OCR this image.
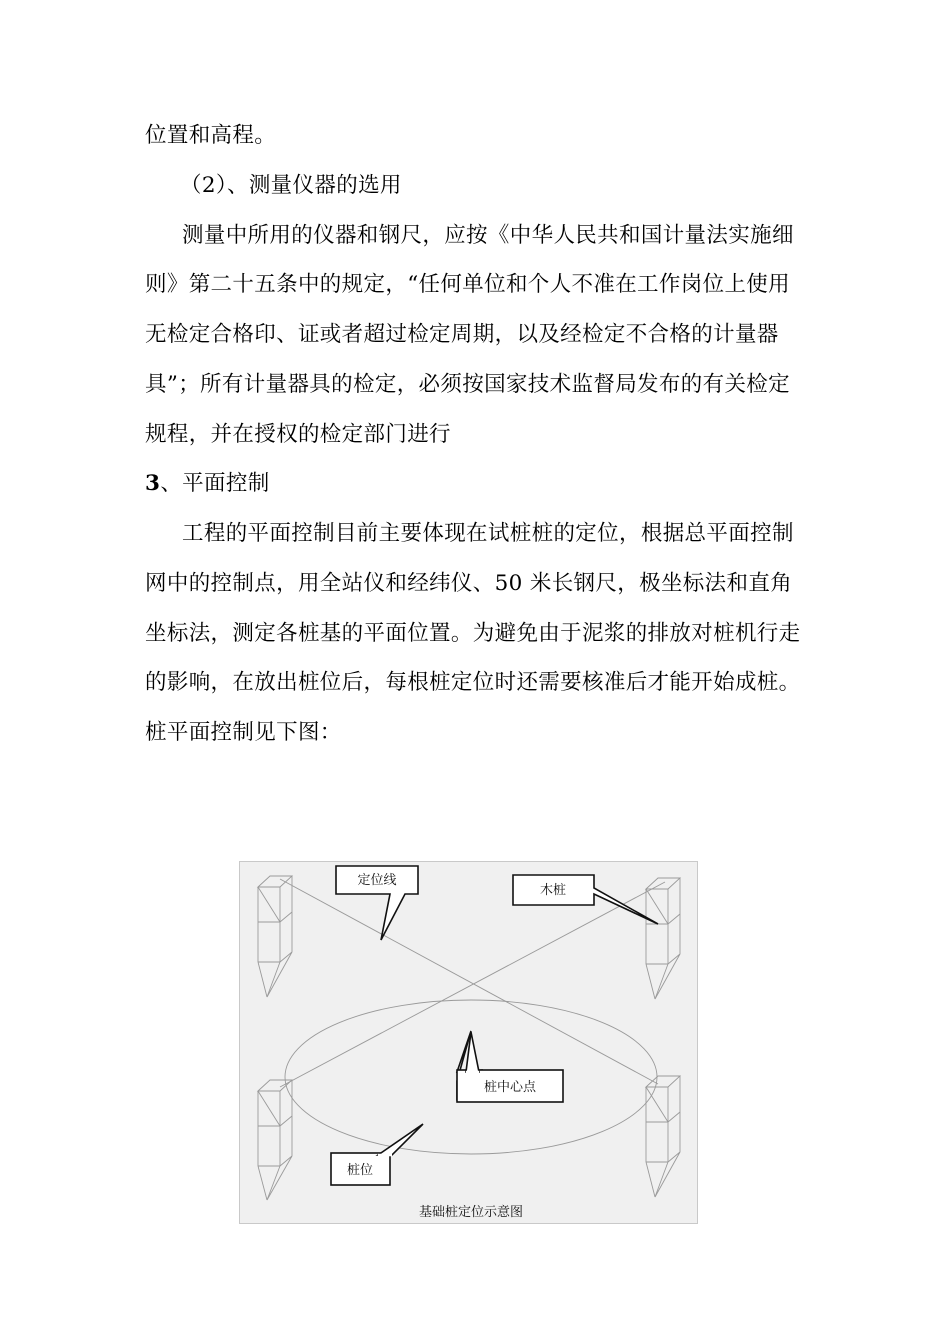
位置和高程。
（2）、测量仪器的选用
测量中所用的仪器和钢尺，应按《中华人民共和国计量法实施细
则》第二十五条中的规定，“任何单位和个人不准在工作岗位上使用
无检定合格印、证或者超过检定周期，以及经检定不合格的计量器
具”；所有计量器具的检定，必须按国家技术监督局发布的有关检定
规程，并在授权的检定部门进行
3、平面控制
工程的平面控制目前主要体现在试桩桩的定位，根据总平面控制
网中的控制点，用全站仪和经纬仪、50 米长钢尺，极坐标法和直角
坐标法，测定各桩基的平面位置。为避免由于泥浆的排放对桩机行走
的影响，在放出桩位后，每根桩定位时还需要核准后才能开始成桩。
桩平面控制见下图：
定位线
木桩
桩中心点
桩位
基础桩定位示意图
